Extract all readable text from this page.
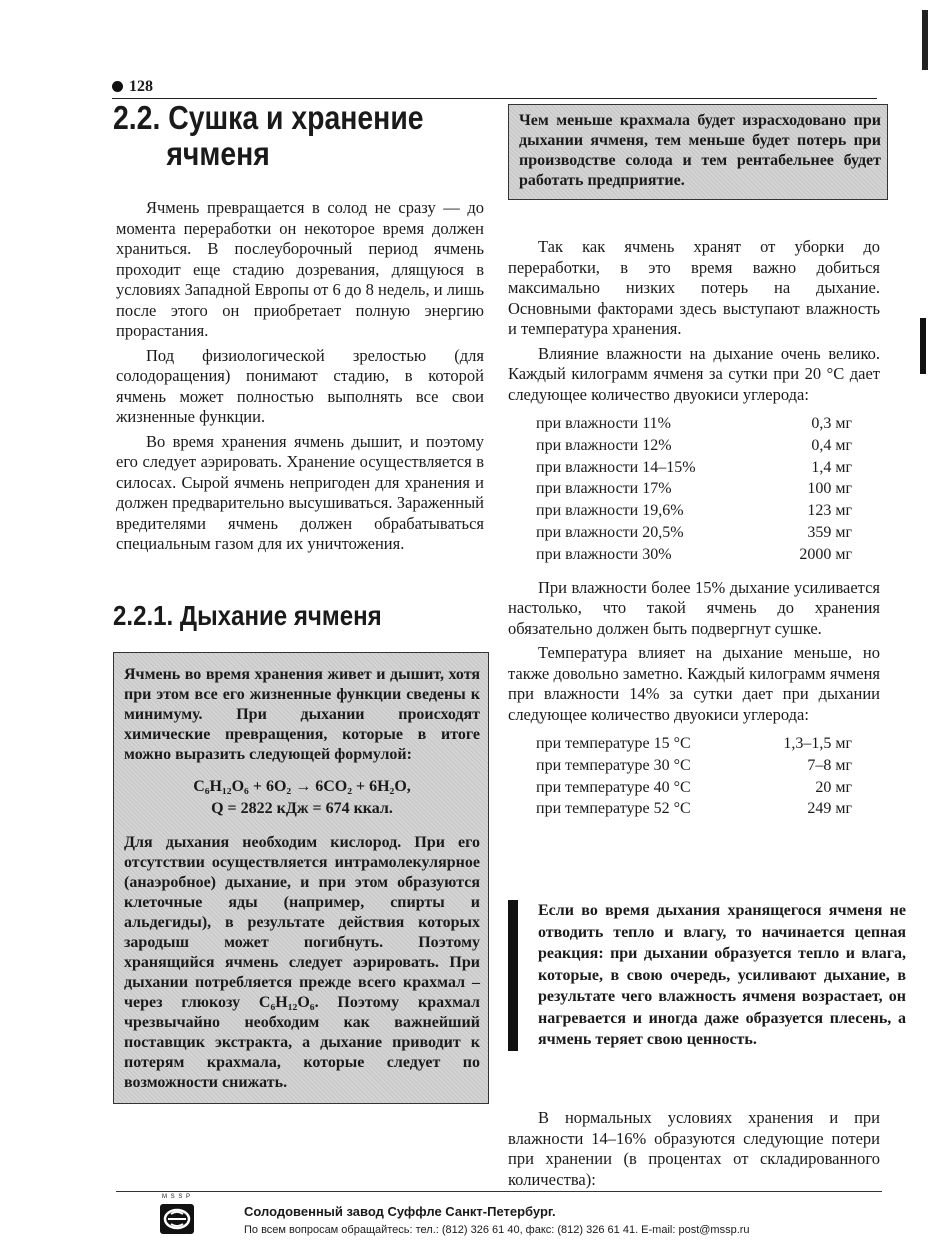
128
2.2. Сушка и хранение
ячменя

Ячмень превращается в солод не сразу — до момента переработки он некоторое время должен храниться. В послеуборочный период ячмень проходит еще стадию дозревания, длящуюся в условиях Западной Европы от 6 до 8 недель, и лишь после этого он приобретает полную энергию прорастания.

Под физиологической зрелостью (для солодоращения) понимают стадию, в которой ячмень может полностью выполнять все свои жизненные функции.

Во время хранения ячмень дышит, и поэтому его следует аэрировать. Хранение осуществляется в силосах. Сырой ячмень непригоден для хранения и должен предварительно высушиваться. Зараженный вредителями ячмень должен обрабатываться специальным газом для их уничтожения.

2.2.1. Дыхание ячменя

Ячмень во время хранения живет и дышит, хотя при этом все его жизненные функции сведены к минимуму. При дыхании происходят химические превращения, которые в итоге можно выразить следующей формулой:

C₆H₁₂O₆ + 6O₂ → 6CO₂ + 6H₂O,
Q = 2822 кДж = 674 ккал.

Для дыхания необходим кислород. При его отсутствии осуществляется интрамолекулярное (анаэробное) дыхание, и при этом образуются клеточные яды (например, спирты и альдегиды), в результате действия которых зародыш может погибнуть. Поэтому хранящийся ячмень следует аэрировать. При дыхании потребляется прежде всего крахмал – через глюкозу C₆H₁₂O₆. Поэтому крахмал чрезвычайно необходим как важнейший поставщик экстракта, а дыхание приводит к потерям крахмала, которые следует по возможности снижать.

Чем меньше крахмала будет израсходовано при дыхании ячменя, тем меньше будет потерь при производстве солода и тем рентабельнее будет работать предприятие.

Так как ячмень хранят от уборки до переработки, в это время важно добиться максимально низких потерь на дыхание. Основными факторами здесь выступают влажность и температура хранения.

Влияние влажности на дыхание очень велико. Каждый килограмм ячменя за сутки при 20 °С дает следующее количество двуокиси углерода:

при влажности 11%	0,3 мг
при влажности 12%	0,4 мг
при влажности 14–15%	1,4 мг
при влажности 17%	100 мг
при влажности 19,6%	123 мг
при влажности 20,5%	359 мг
при влажности 30%	2000 мг

При влажности более 15% дыхание усиливается настолько, что такой ячмень до хранения обязательно должен быть подвергнут сушке.

Температура влияет на дыхание меньше, но также довольно заметно. Каждый килограмм ячменя при влажности 14% за сутки дает при дыхании следующее количество двуокиси углерода:

при температуре 15 °С	1,3–1,5 мг
при температуре 30 °С	7–8 мг
при температуре 40 °С	20 мг
при температуре 52 °С	249 мг

Если во время дыхания хранящегося ячменя не отводить тепло и влагу, то начинается цепная реакция: при дыхании образуется тепло и влага, которые, в свою очередь, усиливают дыхание, в результате чего влажность ячменя возрастает, он нагревается и иногда даже образуется плесень, а ячмень теряет свою ценность.

В нормальных условиях хранения и при влажности 14–16% образуются следующие потери при хранении (в процентах от складированного количества):

M S S P
Солодовенный завод Суффле Санкт-Петербург.
По всем вопросам обращайтесь: тел.: (812) 326 61 40, факс: (812) 326 61 41. E-mail: post@mssp.ru
